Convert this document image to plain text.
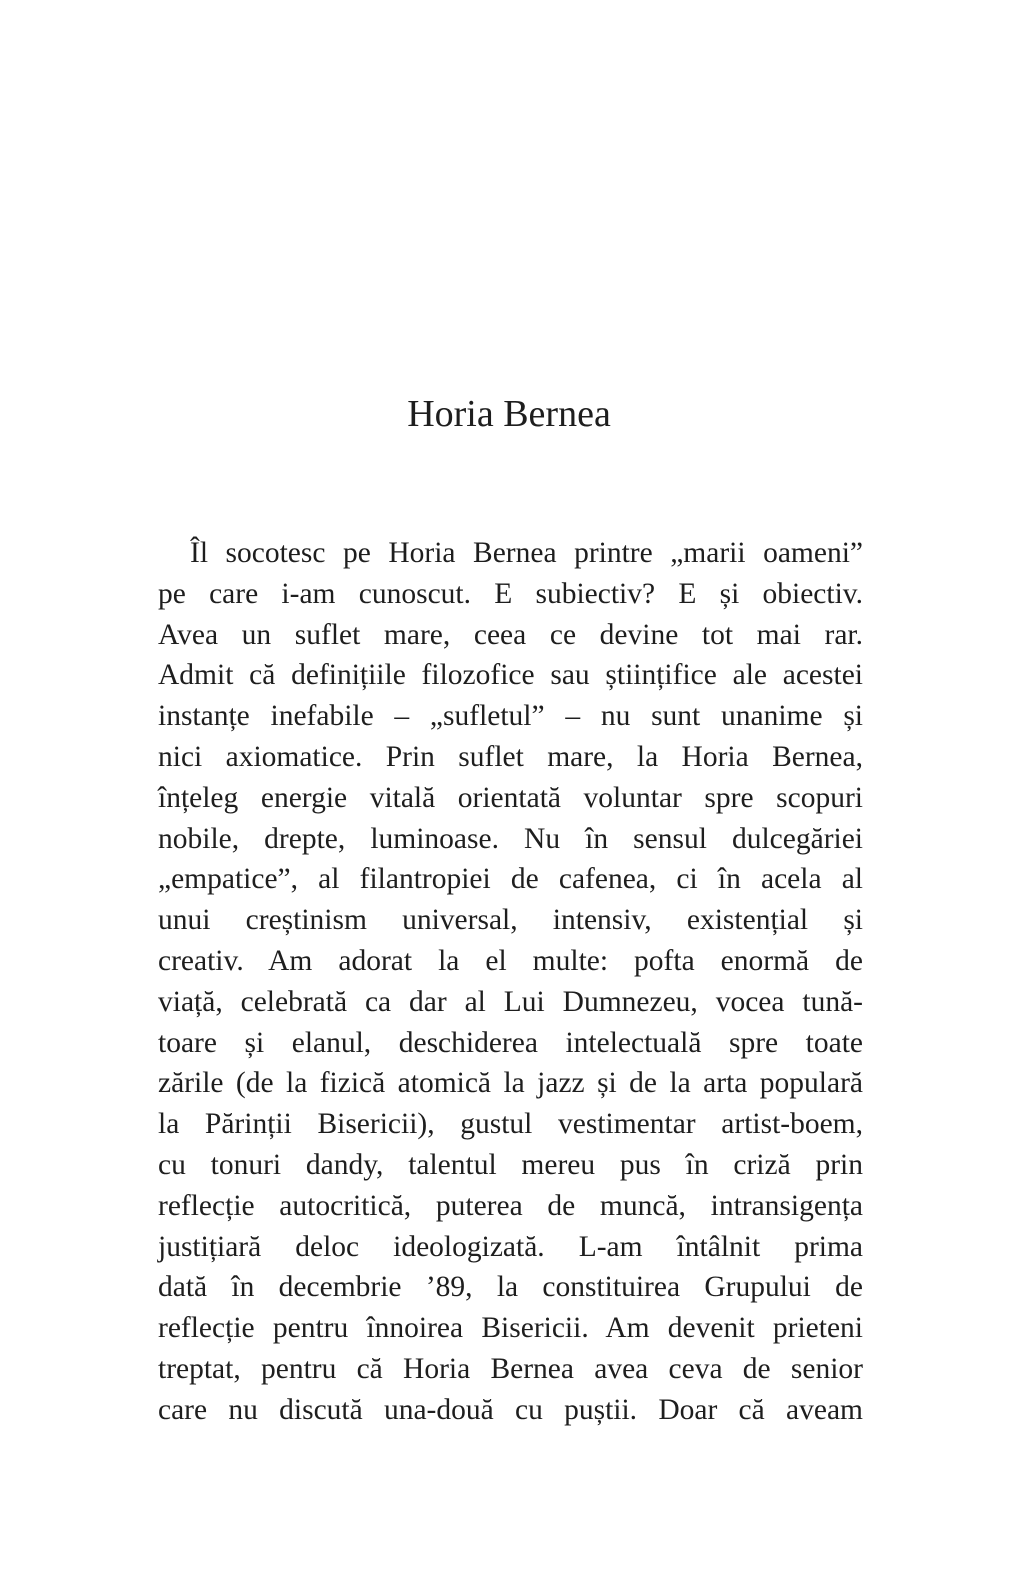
Horia Bernea
Îl socotesc pe Horia Bernea printre „marii oameni”
pe care i-am cunoscut. E subiectiv? E și obiectiv.
Avea un suflet mare, ceea ce devine tot mai rar.
Admit că definițiile filozofice sau științifice ale acestei
instanțe inefabile – „sufletul” – nu sunt unanime și
nici axiomatice. Prin suflet mare, la Horia Bernea,
înțeleg energie vitală orientată voluntar spre scopuri
nobile, drepte, luminoase. Nu în sensul dulcegăriei
„empatice”, al filantropiei de cafenea, ci în acela al
unui creștinism universal, intensiv, existențial și
creativ. Am adorat la el multe: pofta enormă de
viață, celebrată ca dar al Lui Dumnezeu, vocea tună-
toare și elanul, deschiderea intelectuală spre toate
zările (de la fizică atomică la jazz și de la arta populară
la Părinții Bisericii), gustul vestimentar artist-boem,
cu tonuri dandy, talentul mereu pus în criză prin
reflecție autocritică, puterea de muncă, intransigența
justițiară deloc ideologizată. L-am întâlnit prima
dată în decembrie ’89, la constituirea Grupului de
reflecție pentru înnoirea Bisericii. Am devenit prieteni
treptat, pentru că Horia Bernea avea ceva de senior
care nu discută una-două cu puștii. Doar că aveam
